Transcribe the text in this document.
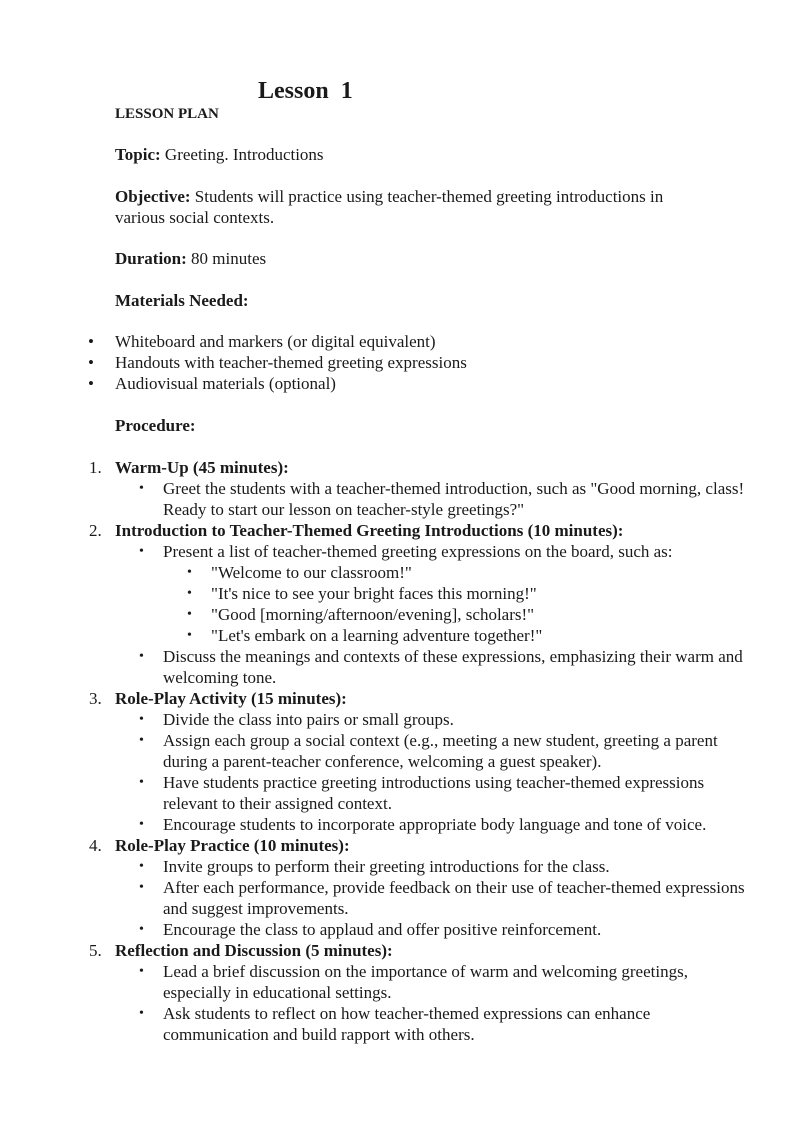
Lesson  1
LESSON PLAN
Topic: Greeting. Introductions
Objective: Students will practice using teacher-themed greeting introductions in various social contexts.
Duration: 80 minutes
Materials Needed:
• Whiteboard and markers (or digital equivalent)
• Handouts with teacher-themed greeting expressions
• Audiovisual materials (optional)
Procedure:
1. Warm-Up (45 minutes):
• Greet the students with a teacher-themed introduction, such as "Good morning, class! Ready to start our lesson on teacher-style greetings?"
2. Introduction to Teacher-Themed Greeting Introductions (10 minutes):
• Present a list of teacher-themed greeting expressions on the board, such as:
• "Welcome to our classroom!"
• "It's nice to see your bright faces this morning!"
• "Good [morning/afternoon/evening], scholars!"
• "Let's embark on a learning adventure together!"
• Discuss the meanings and contexts of these expressions, emphasizing their warm and welcoming tone.
3. Role-Play Activity (15 minutes):
• Divide the class into pairs or small groups.
• Assign each group a social context (e.g., meeting a new student, greeting a parent during a parent-teacher conference, welcoming a guest speaker).
• Have students practice greeting introductions using teacher-themed expressions relevant to their assigned context.
• Encourage students to incorporate appropriate body language and tone of voice.
4. Role-Play Practice (10 minutes):
• Invite groups to perform their greeting introductions for the class.
• After each performance, provide feedback on their use of teacher-themed expressions and suggest improvements.
• Encourage the class to applaud and offer positive reinforcement.
5. Reflection and Discussion (5 minutes):
• Lead a brief discussion on the importance of warm and welcoming greetings, especially in educational settings.
• Ask students to reflect on how teacher-themed expressions can enhance communication and build rapport with others.
